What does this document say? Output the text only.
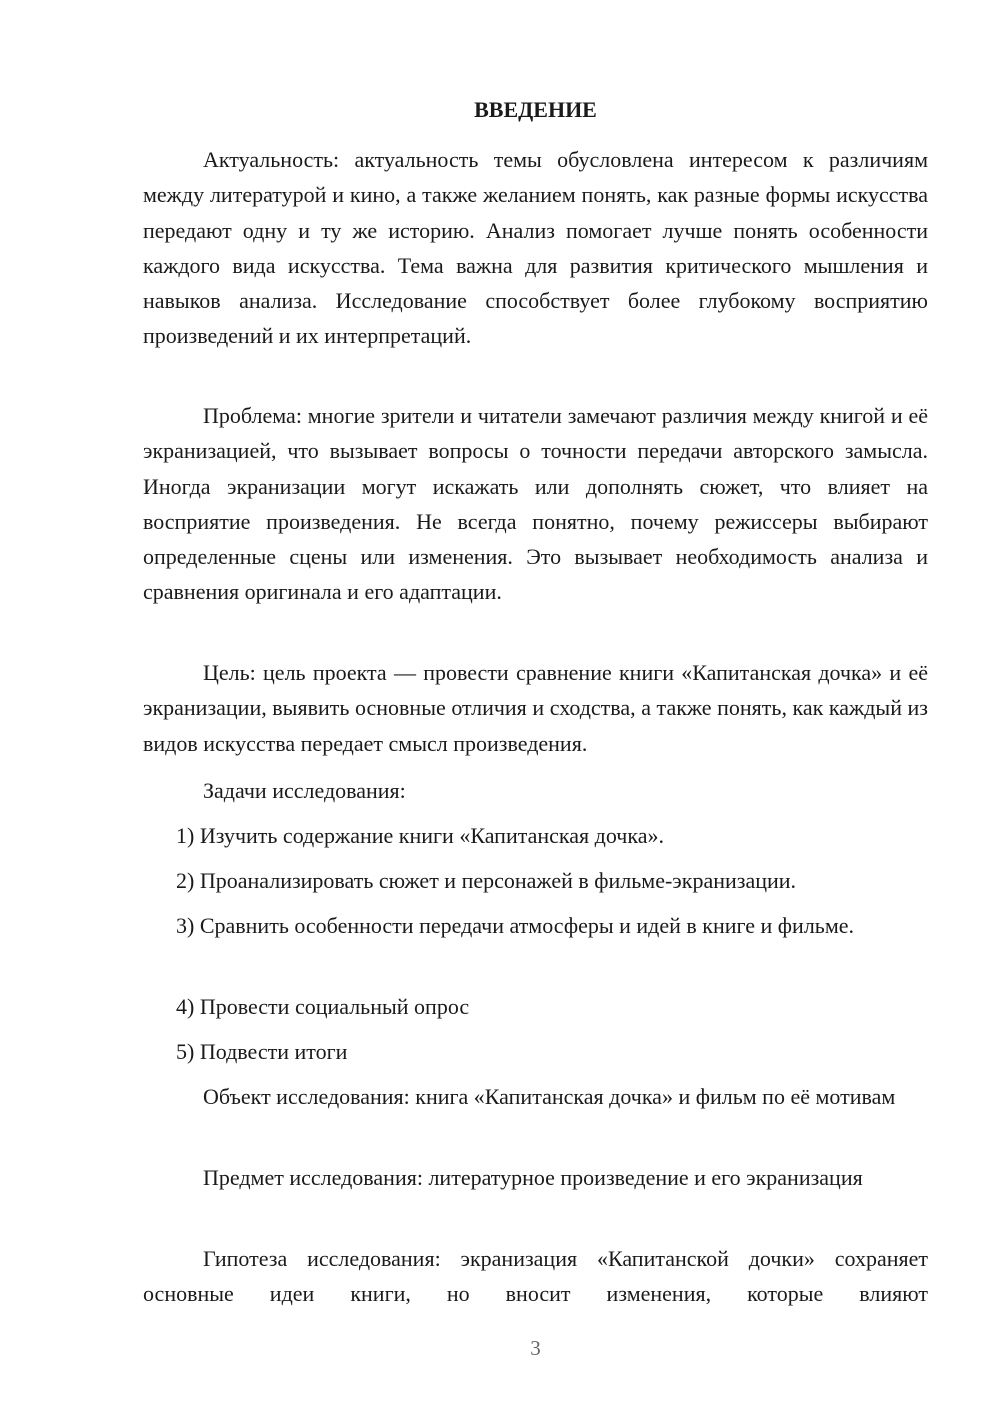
ВВЕДЕНИЕ

Актуальность: актуальность темы обусловлена интересом к различиям между литературой и кино, а также желанием понять, как разные формы искусства передают одну и ту же историю. Анализ помогает лучше понять особенности каждого вида искусства. Тема важна для развития критического мышления и навыков анализа. Исследование способствует более глубокому восприятию произведений и их интерпретаций.

Проблема: многие зрители и читатели замечают различия между книгой и её экранизацией, что вызывает вопросы о точности передачи авторского замысла. Иногда экранизации могут искажать или дополнять сюжет, что влияет на восприятие произведения. Не всегда понятно, почему режиссеры выбирают определенные сцены или изменения. Это вызывает необходимость анализа и сравнения оригинала и его адаптации.

Цель: цель проекта — провести сравнение книги «Капитанская дочка» и её экранизации, выявить основные отличия и сходства, а также понять, как каждый из видов искусства передает смысл произведения.

Задачи исследования:

1) Изучить содержание книги «Капитанская дочка».

2) Проанализировать сюжет и персонажей в фильме-экранизации.

3) Сравнить особенности передачи атмосферы и идей в книге и фильме.

4) Провести социальный опрос

5) Подвести итоги

Объект исследования: книга «Капитанская дочка» и фильм по её мотивам

Предмет исследования: литературное произведение и его экранизация

Гипотеза исследования: экранизация «Капитанской дочки» сохраняет основные идеи книги, но вносит изменения, которые влияют

3
